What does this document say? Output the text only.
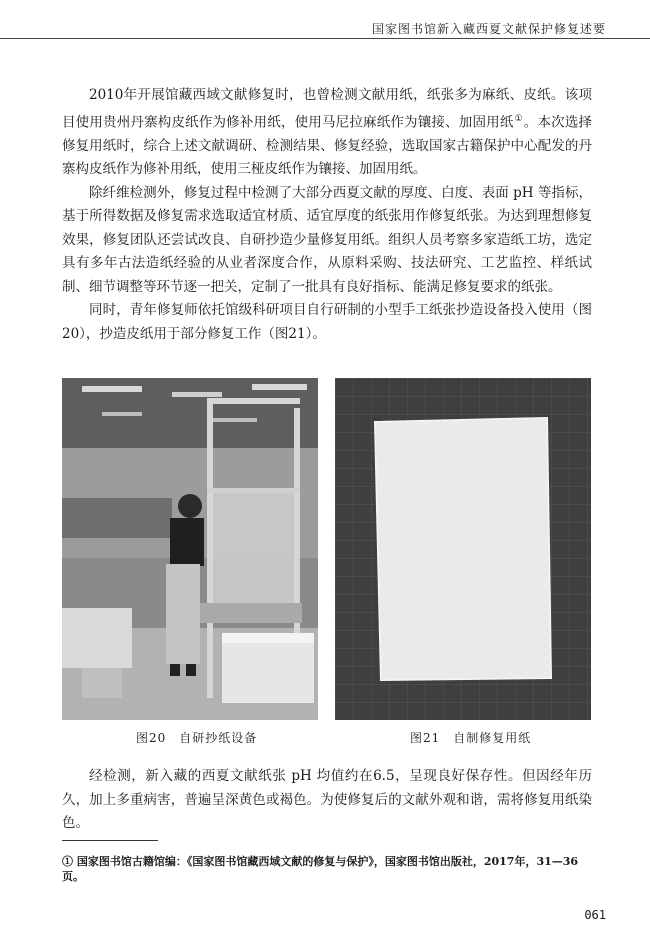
国家图书馆新入藏西夏文献保护修复述要

2010年开展馆藏西域文献修复时，也曾检测文献用纸，纸张多为麻纸、皮纸。该项目使用贵州丹寨构皮纸作为修补用纸，使用马尼拉麻纸作为镶接、加固用纸①。本次选择修复用纸时，综合上述文献调研、检测结果、修复经验，选取国家古籍保护中心配发的丹寨构皮纸作为修补用纸，使用三桠皮纸作为镶接、加固用纸。

除纤维检测外，修复过程中检测了大部分西夏文献的厚度、白度、表面 pH 等指标，基于所得数据及修复需求选取适宜材质、适宜厚度的纸张用作修复纸张。为达到理想修复效果，修复团队还尝试改良、自研抄造少量修复用纸。组织人员考察多家造纸工坊，选定具有多年古法造纸经验的从业者深度合作，从原料采购、技法研究、工艺监控、样纸试制、细节调整等环节逐一把关，定制了一批具有良好指标、能满足修复要求的纸张。

同时，青年修复师依托馆级科研项目自行研制的小型手工纸张抄造设备投入使用（图20），抄造皮纸用于部分修复工作（图21）。

图20　自研抄纸设备	图21　自制修复用纸

经检测，新入藏的西夏文献纸张 pH 均值约在6.5，呈现良好保存性。但因经年历久，加上多重病害，普遍呈深黄色或褐色。为使修复后的文献外观和谐，需将修复用纸染色。

① 国家图书馆古籍馆编：《国家图书馆藏西域文献的修复与保护》，国家图书馆出版社，2017年，31—36页。
061
